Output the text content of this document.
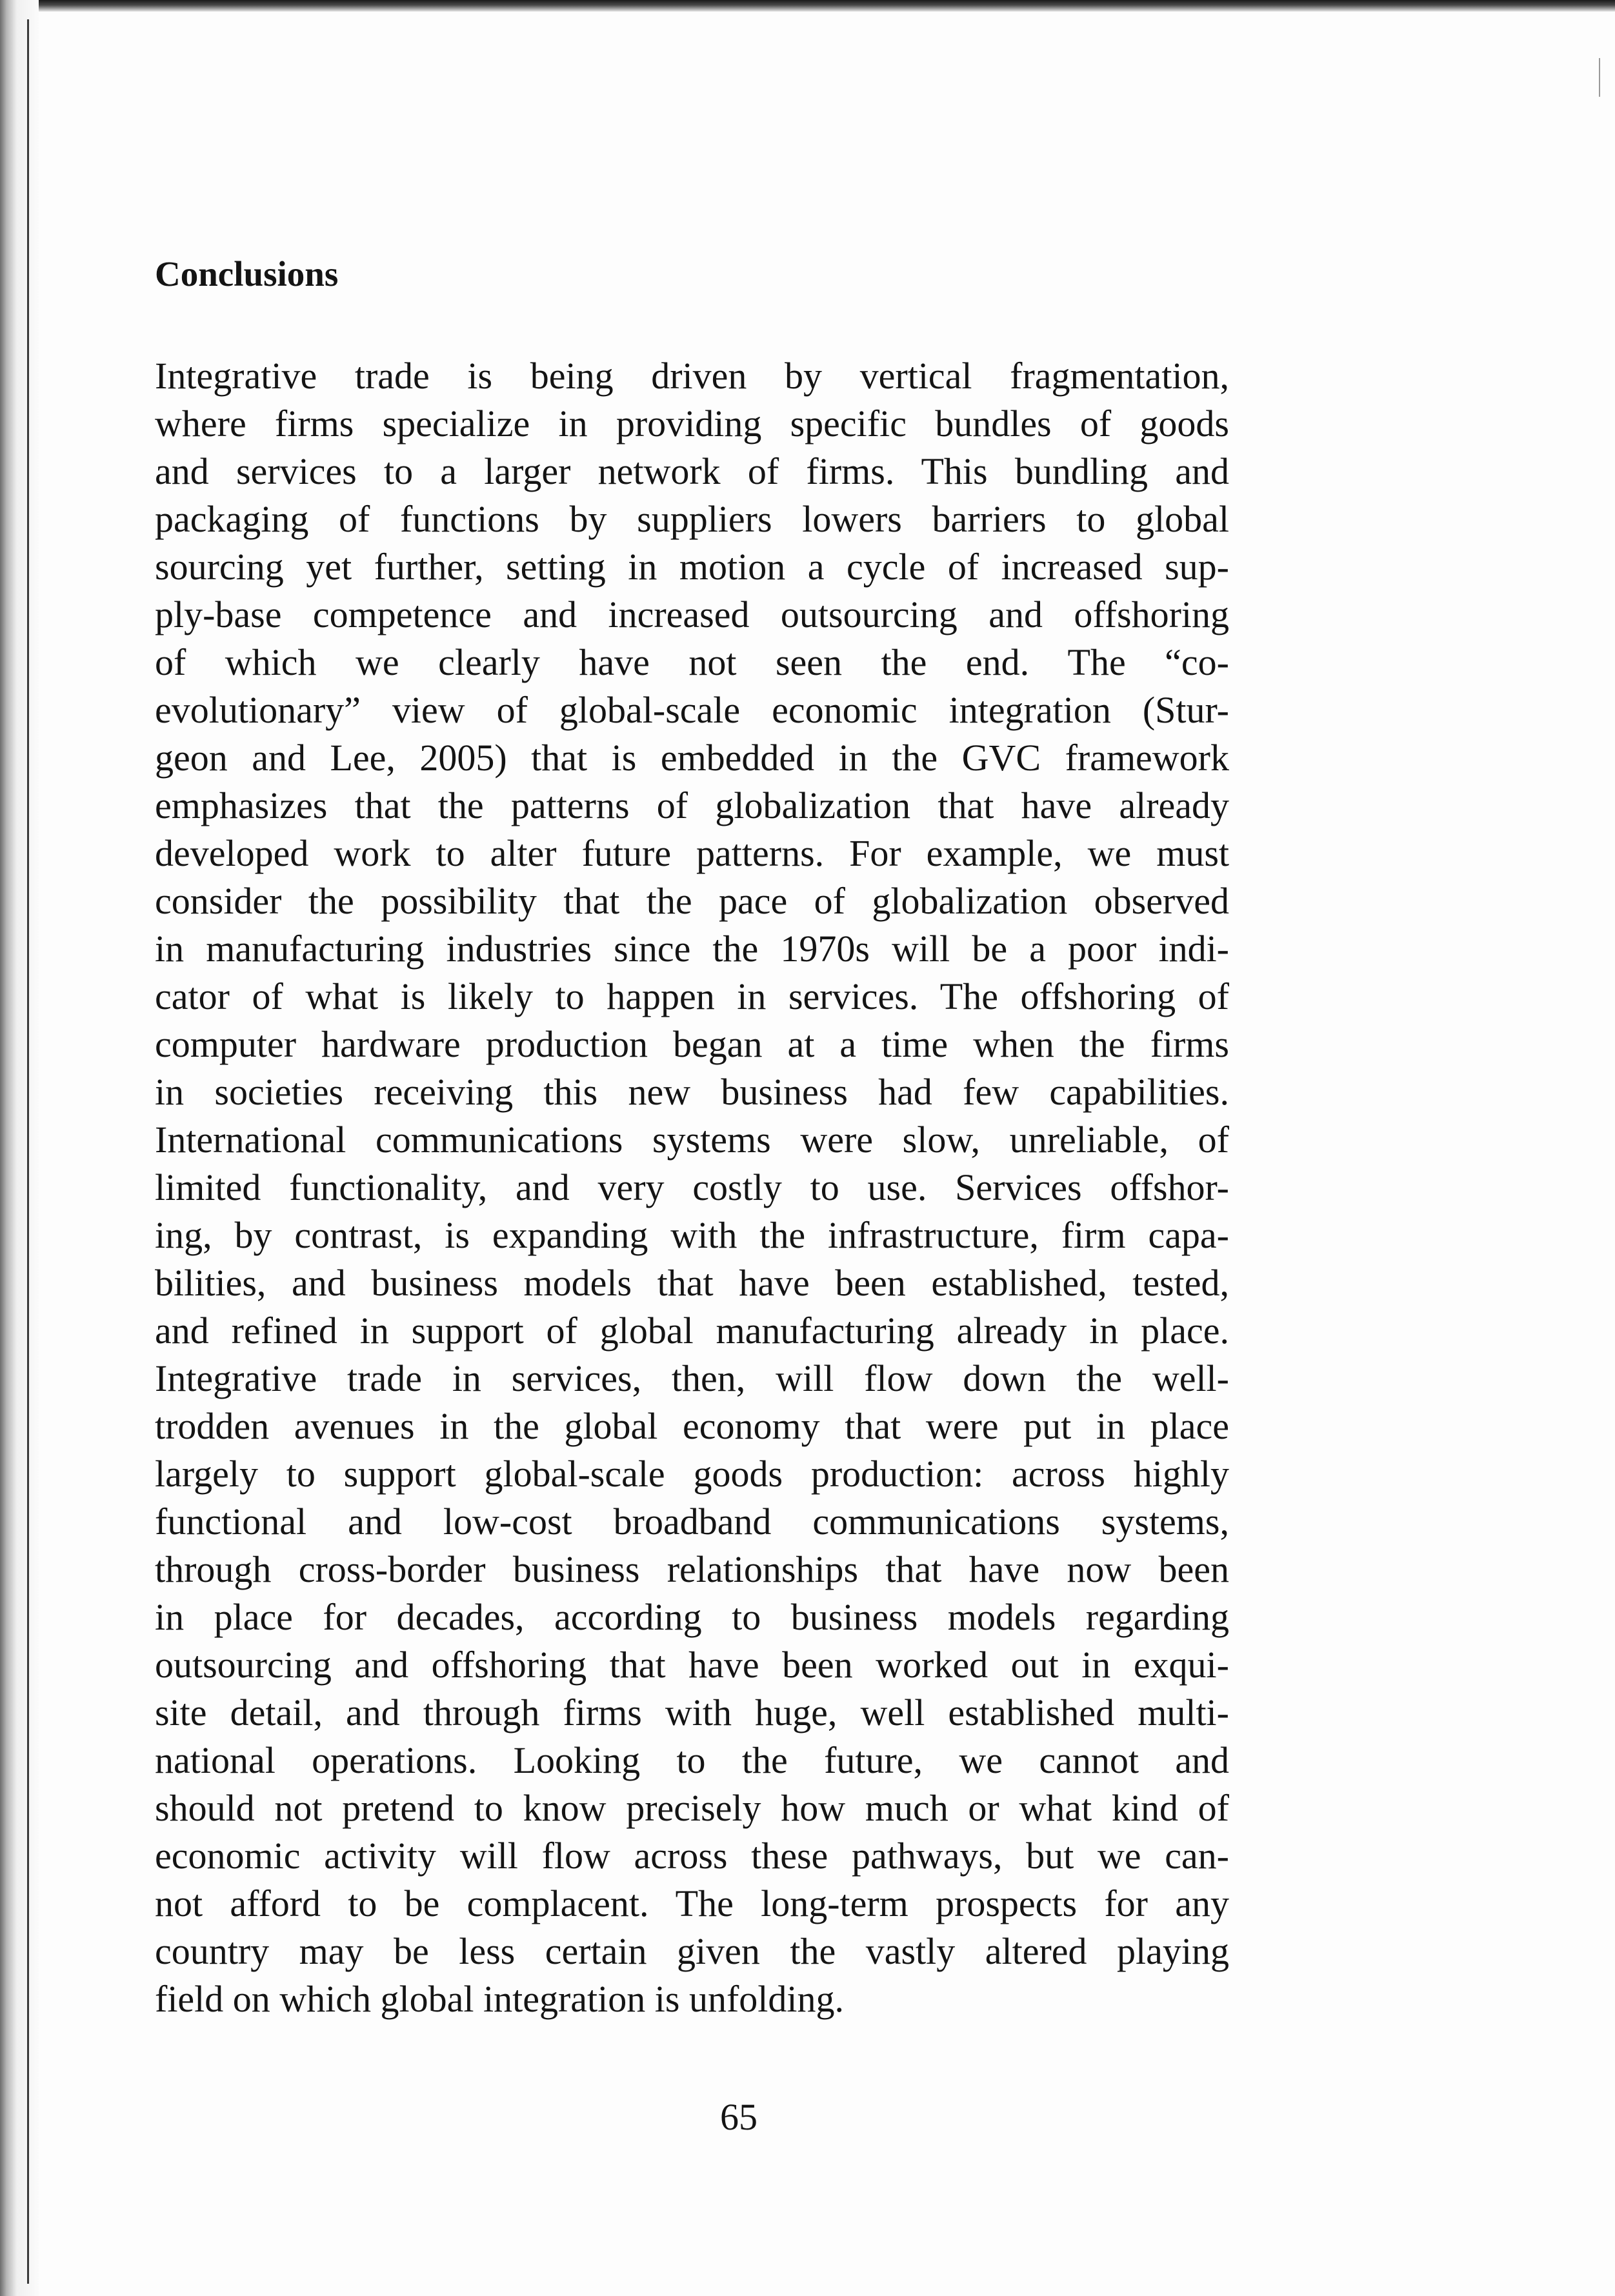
Conclusions
Integrative trade is being driven by vertical fragmentation,
where firms specialize in providing specific bundles of goods
and services to a larger network of firms. This bundling and
packaging of functions by suppliers lowers barriers to global
sourcing yet further, setting in motion a cycle of increased sup-
ply-base competence and increased outsourcing and offshoring
of which we clearly have not seen the end. The “co-
evolutionary” view of global-scale economic integration (Stur-
geon and Lee, 2005) that is embedded in the GVC framework
emphasizes that the patterns of globalization that have already
developed work to alter future patterns. For example, we must
consider the possibility that the pace of globalization observed
in manufacturing industries since the 1970s will be a poor indi-
cator of what is likely to happen in services. The offshoring of
computer hardware production began at a time when the firms
in societies receiving this new business had few capabilities.
International communications systems were slow, unreliable, of
limited functionality, and very costly to use. Services offshor-
ing, by contrast, is expanding with the infrastructure, firm capa-
bilities, and business models that have been established, tested,
and refined in support of global manufacturing already in place.
Integrative trade in services, then, will flow down the well-
trodden avenues in the global economy that were put in place
largely to support global-scale goods production: across highly
functional and low-cost broadband communications systems,
through cross-border business relationships that have now been
in place for decades, according to business models regarding
outsourcing and offshoring that have been worked out in exqui-
site detail, and through firms with huge, well established multi-
national operations. Looking to the future, we cannot and
should not pretend to know precisely how much or what kind of
economic activity will flow across these pathways, but we can-
not afford to be complacent. The long-term prospects for any
country may be less certain given the vastly altered playing
field on which global integration is unfolding.
65
